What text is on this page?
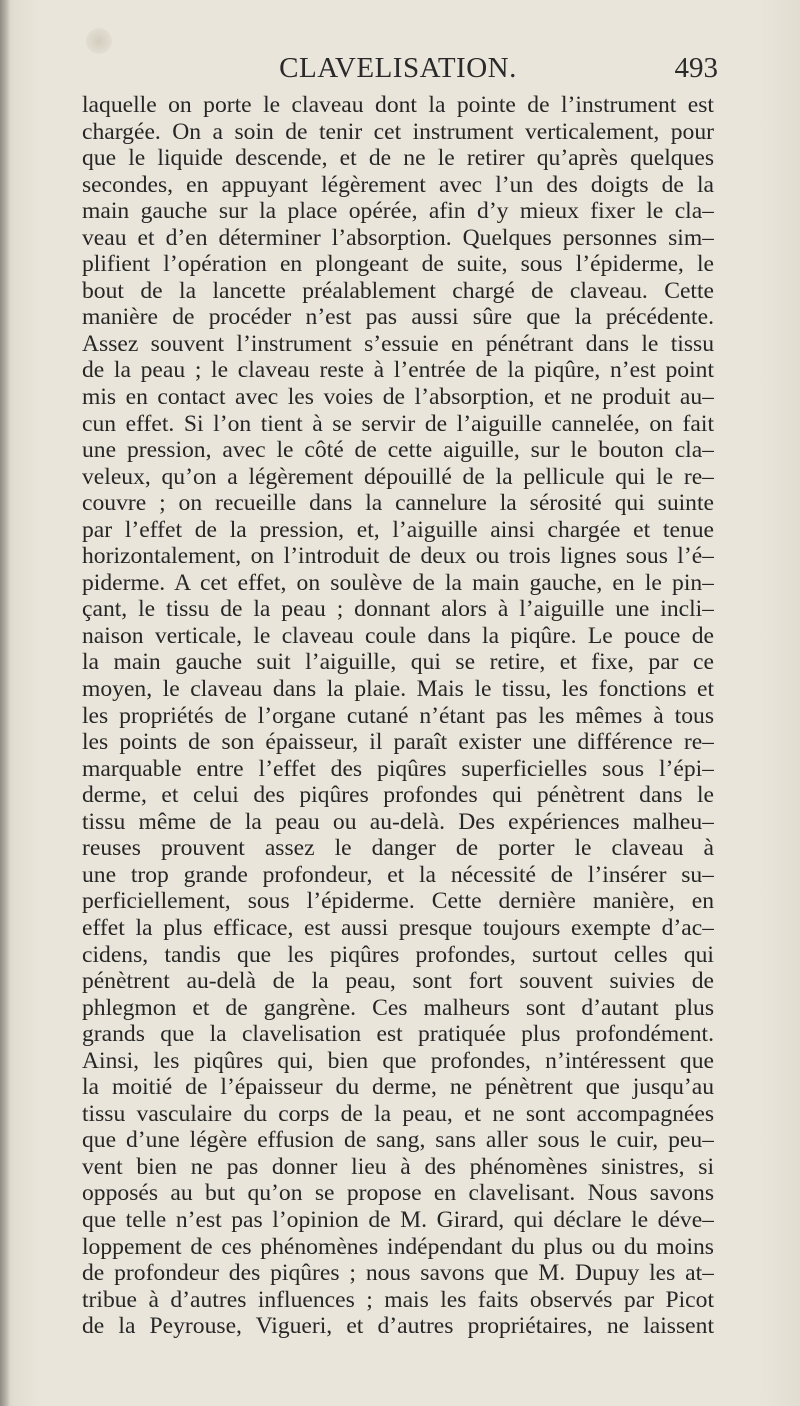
CLAVELISATION.	493
laquelle on porte le claveau dont la pointe de l’instrument est
chargée. On a soin de tenir cet instrument verticalement, pour
que le liquide descende, et de ne le retirer qu’après quelques
secondes, en appuyant légèrement avec l’un des doigts de la
main gauche sur la place opérée, afin d’y mieux fixer le cla–
veau et d’en déterminer l’absorption. Quelques personnes sim–
plifient l’opération en plongeant de suite, sous l’épiderme, le
bout de la lancette préalablement chargé de claveau. Cette
manière de procéder n’est pas aussi sûre que la précédente.
Assez souvent l’instrument s’essuie en pénétrant dans le tissu
de la peau ; le claveau reste à l’entrée de la piqûre, n’est point
mis en contact avec les voies de l’absorption, et ne produit au–
cun effet. Si l’on tient à se servir de l’aiguille cannelée, on fait
une pression, avec le côté de cette aiguille, sur le bouton cla–
veleux, qu’on a légèrement dépouillé de la pellicule qui le re–
couvre ; on recueille dans la cannelure la sérosité qui suinte
par l’effet de la pression, et, l’aiguille ainsi chargée et tenue
horizontalement, on l’introduit de deux ou trois lignes sous l’é–
piderme. A cet effet, on soulève de la main gauche, en le pin–
çant, le tissu de la peau ; donnant alors à l’aiguille une incli–
naison verticale, le claveau coule dans la piqûre. Le pouce de
la main gauche suit l’aiguille, qui se retire, et fixe, par ce
moyen, le claveau dans la plaie. Mais le tissu, les fonctions et
les propriétés de l’organe cutané n’étant pas les mêmes à tous
les points de son épaisseur, il paraît exister une différence re–
marquable entre l’effet des piqûres superficielles sous l’épi–
derme, et celui des piqûres profondes qui pénètrent dans le
tissu même de la peau ou au-delà. Des expériences malheu–
reuses prouvent assez le danger de porter le claveau à
une trop grande profondeur, et la nécessité de l’insérer su–
perficiellement, sous l’épiderme. Cette dernière manière, en
effet la plus efficace, est aussi presque toujours exempte d’ac–
cidens, tandis que les piqûres profondes, surtout celles qui
pénètrent au-delà de la peau, sont fort souvent suivies de
phlegmon et de gangrène. Ces malheurs sont d’autant plus
grands que la clavelisation est pratiquée plus profondément.
Ainsi, les piqûres qui, bien que profondes, n’intéressent que
la moitié de l’épaisseur du derme, ne pénètrent que jusqu’au
tissu vasculaire du corps de la peau, et ne sont accompagnées
que d’une légère effusion de sang, sans aller sous le cuir, peu–
vent bien ne pas donner lieu à des phénomènes sinistres, si
opposés au but qu’on se propose en clavelisant. Nous savons
que telle n’est pas l’opinion de M. Girard, qui déclare le déve–
loppement de ces phénomènes indépendant du plus ou du moins
de profondeur des piqûres ; nous savons que M. Dupuy les at–
tribue à d’autres influences ; mais les faits observés par Picot
de la Peyrouse, Vigueri, et d’autres propriétaires, ne laissent
